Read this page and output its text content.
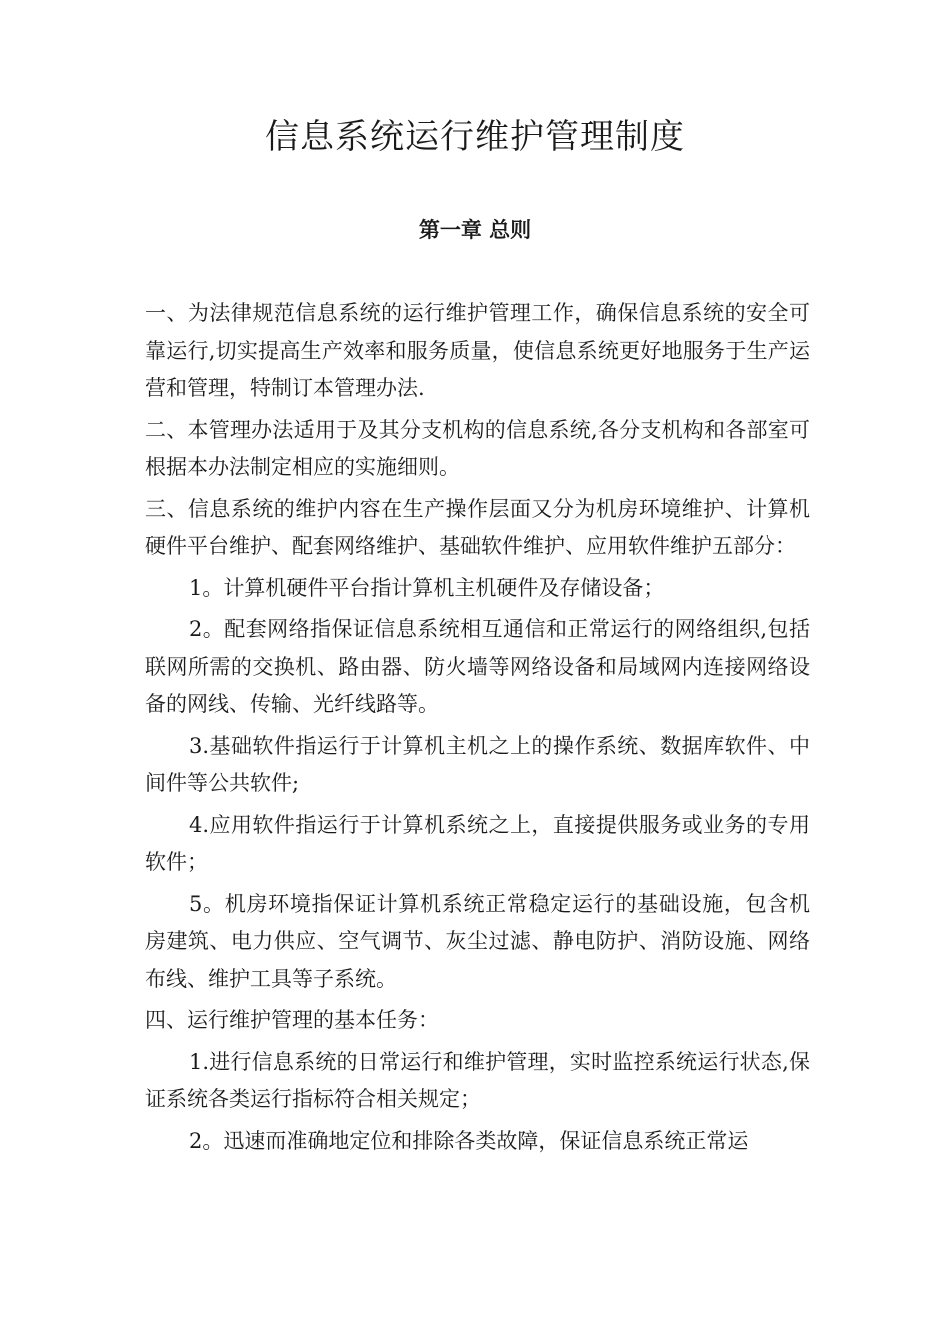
信息系统运行维护管理制度
第一章 总则

一、为法律规范信息系统的运行维护管理工作，确保信息系统的安全可靠运行,切实提高生产效率和服务质量，使信息系统更好地服务于生产运营和管理，特制订本管理办法.

二、本管理办法适用于及其分支机构的信息系统,各分支机构和各部室可根据本办法制定相应的实施细则。

三、信息系统的维护内容在生产操作层面又分为机房环境维护、计算机硬件平台维护、配套网络维护、基础软件维护、应用软件维护五部分：

1。计算机硬件平台指计算机主机硬件及存储设备；

2。配套网络指保证信息系统相互通信和正常运行的网络组织,包括联网所需的交换机、路由器、防火墙等网络设备和局域网内连接网络设备的网线、传输、光纤线路等。

3.基础软件指运行于计算机主机之上的操作系统、数据库软件、中间件等公共软件;

4.应用软件指运行于计算机系统之上，直接提供服务或业务的专用软件；

5。机房环境指保证计算机系统正常稳定运行的基础设施，包含机房建筑、电力供应、空气调节、灰尘过滤、静电防护、消防设施、网络布线、维护工具等子系统。

四、运行维护管理的基本任务：

1.进行信息系统的日常运行和维护管理，实时监控系统运行状态,保证系统各类运行指标符合相关规定；

2。迅速而准确地定位和排除各类故障，保证信息系统正常运
